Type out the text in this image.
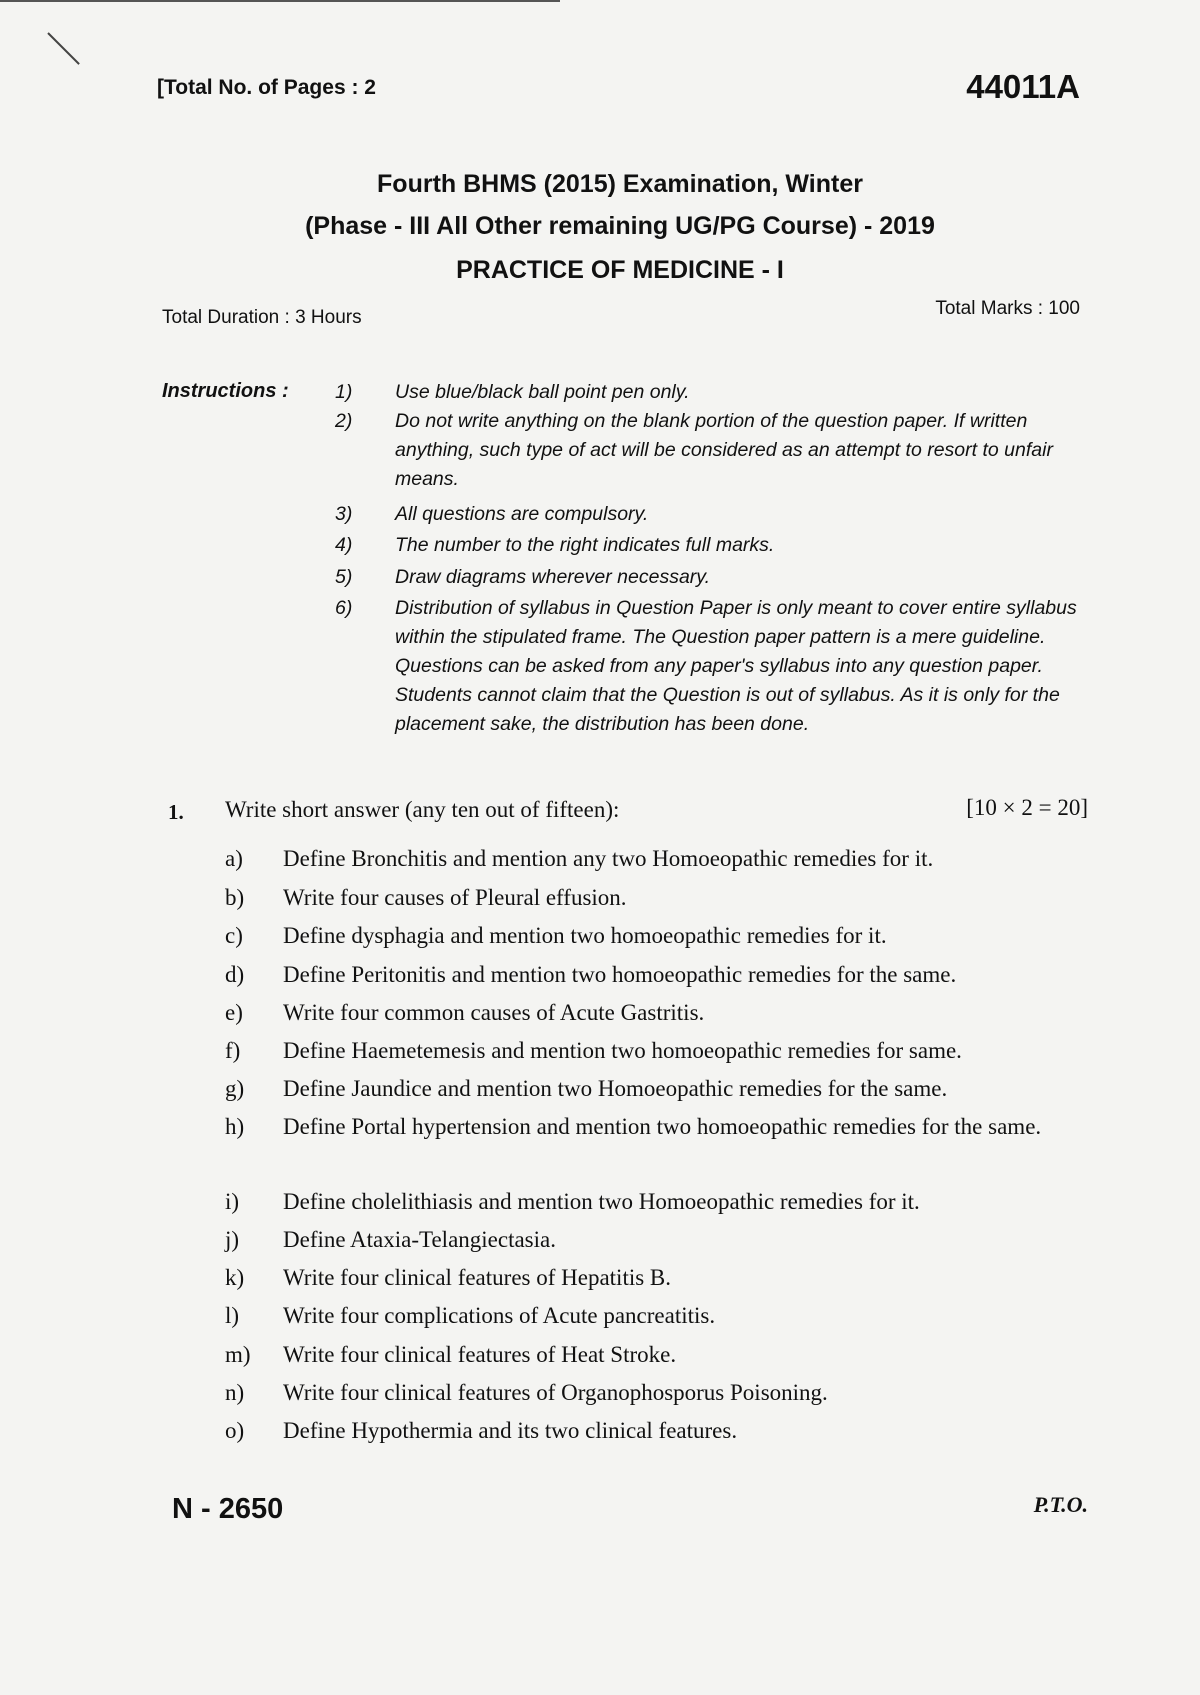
[Total No. of Pages : 2	44011A
Fourth BHMS (2015) Examination, Winter
(Phase - III All Other remaining UG/PG Course) - 2019
PRACTICE OF MEDICINE - I
Total Duration : 3 Hours	Total Marks : 100
Instructions : 1) Use blue/black ball point pen only.
2) Do not write anything on the blank portion of the question paper. If written anything, such type of act will be considered as an attempt to resort to unfair means.
3) All questions are compulsory.
4) The number to the right indicates full marks.
5) Draw diagrams wherever necessary.
6) Distribution of syllabus in Question Paper is only meant to cover entire syllabus within the stipulated frame. The Question paper pattern is a mere guideline. Questions can be asked from any paper's syllabus into any question paper. Students cannot claim that the Question is out of syllabus. As it is only for the placement sake, the distribution has been done.
1. Write short answer (any ten out of fifteen):	[10 × 2 = 20]
a) Define Bronchitis and mention any two Homoeopathic remedies for it.
b) Write four causes of Pleural effusion.
c) Define dysphagia and mention two homoeopathic remedies for it.
d) Define Peritonitis and mention two homoeopathic remedies for the same.
e) Write four common causes of Acute Gastritis.
f) Define Haemetemesis and mention two homoeopathic remedies for same.
g) Define Jaundice and mention two Homoeopathic remedies for the same.
h) Define Portal hypertension and mention two homoeopathic remedies for the same.
i) Define cholelithiasis and mention two Homoeopathic remedies for it.
j) Define Ataxia-Telangiectasia.
k) Write four clinical features of Hepatitis B.
l) Write four complications of Acute pancreatitis.
m) Write four clinical features of Heat Stroke.
n) Write four clinical features of Organophosporus Poisoning.
o) Define Hypothermia and its two clinical features.
N - 2650	P.T.O.
